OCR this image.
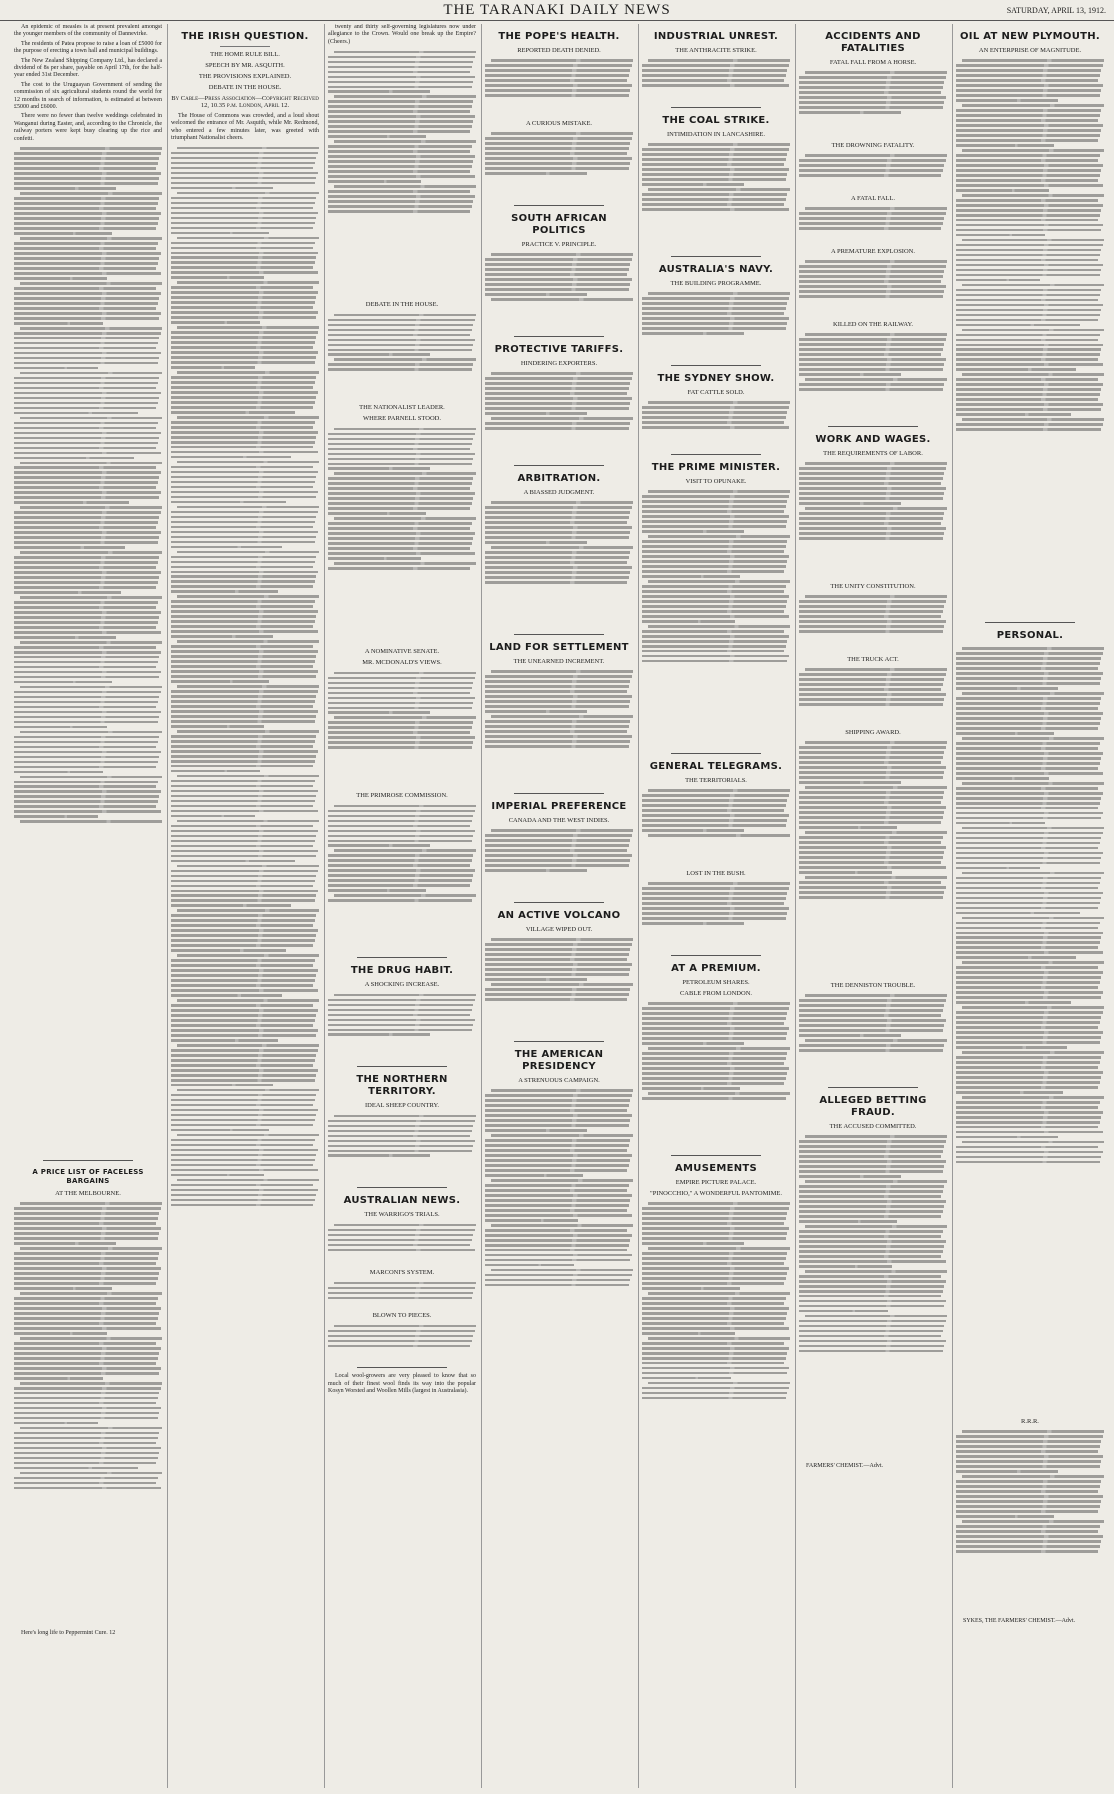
THE TARANAKI DAILY NEWS	SATURDAY, APRIL 13, 1912.

An epidemic of measles is at present prevalent amongst the younger members of the community of Dannevirke.

The residents of Patea propose to raise a loan of £5000 for the purpose of erecting a town hall and municipal buildings.

The New Zealand Shipping Company Ltd., has declared a dividend of 8s per share, payable on April 17th, for the half-year ended 31st December.

The cost to the Uruguayan Government of sending the commission of six agricultural students round the world for 12 months in search of information, is estimated at between £5000 and £6000.

There were no fewer than twelve weddings celebrated in Wanganui during Easter, and, according to the Chronicle, the railway porters were kept busy clearing up the rice and confetti.

A PRICE LIST OF FACELESS BARGAINS
AT THE MELBOURNE.

Here's long life to Peppermint Cure. 12

THE IRISH QUESTION.
THE HOME RULE BILL.
SPEECH BY MR. ASQUITH.
THE PROVISIONS EXPLAINED.
DEBATE IN THE HOUSE.
By Cable—Press Association—Copyright Received 12, 10.35 p.m. London, April 12.

The House of Commons was crowded, and a loud shout welcomed the entrance of Mr. Asquith, while Mr. Redmond, who entered a few minutes later, was greeted with triumphant Nationalist cheers.

twenty and thirty self-governing legislatures now under allegiance to the Crown. Would one break up the Empire? (Cheers.)

DEBATE IN THE HOUSE.
THE NATIONALIST LEADER.
WHERE PARNELL STOOD.
A NOMINATIVE SENATE.
MR. MCDONALD'S VIEWS.
THE PRIMROSE COMMISSION.
THE DRUG HABIT.
A SHOCKING INCREASE.
THE NORTHERN TERRITORY.
IDEAL SHEEP COUNTRY.
AUSTRALIAN NEWS.
THE WARRIGO'S TRIALS.
MARCONI'S SYSTEM.
BLOWN TO PIECES.

Local wool-growers are very pleased to know that so much of their finest wool finds its way into the popular Kosyn Worsted and Woollen Mills (largest in Australasia).

THE POPE'S HEALTH.
REPORTED DEATH DENIED.
A CURIOUS MISTAKE.
SOUTH AFRICAN POLITICS
PRACTICE V. PRINCIPLE.
PROTECTIVE TARIFFS.
HINDERING EXPORTERS.
ARBITRATION.
A BIASSED JUDGMENT.
LAND FOR SETTLEMENT
THE UNEARNED INCREMENT.
IMPERIAL PREFERENCE
CANADA AND THE WEST INDIES.
AN ACTIVE VOLCANO
VILLAGE WIPED OUT.
THE AMERICAN PRESIDENCY
A STRENUOUS CAMPAIGN.
INDUSTRIAL UNREST.
THE ANTHRACITE STRIKE.
THE COAL STRIKE.
INTIMIDATION IN LANCASHIRE.
AUSTRALIA'S NAVY.
THE BUILDING PROGRAMME.
THE SYDNEY SHOW.
FAT CATTLE SOLD.
THE PRIME MINISTER.
VISIT TO OPUNAKE.
GENERAL TELEGRAMS.
THE TERRITORIALS.
LOST IN THE BUSH.
AT A PREMIUM.
PETROLEUM SHARES.
CABLE FROM LONDON.
AMUSEMENTS
EMPIRE PICTURE PALACE.
"PINOCCHIO," A WONDERFUL PANTOMIME.
ACCIDENTS AND FATALITIES
FATAL FALL FROM A HORSE.
THE DROWNING FATALITY.
A FATAL FALL.
A PREMATURE EXPLOSION.
KILLED ON THE RAILWAY.
WORK AND WAGES.
THE REQUIREMENTS OF LABOR.
THE UNITY CONSTITUTION.
THE TRUCK ACT.
SHIPPING AWARD.
THE DENNISTON TROUBLE.
ALLEGED BETTING FRAUD.
THE ACCUSED COMMITTED.

FARMERS' CHEMIST.—Advt.

OIL AT NEW PLYMOUTH.
AN ENTERPRISE OF MAGNITUDE.
PERSONAL.
R.R.R.

SYKES, THE FARMERS' CHEMIST.—Advt.
